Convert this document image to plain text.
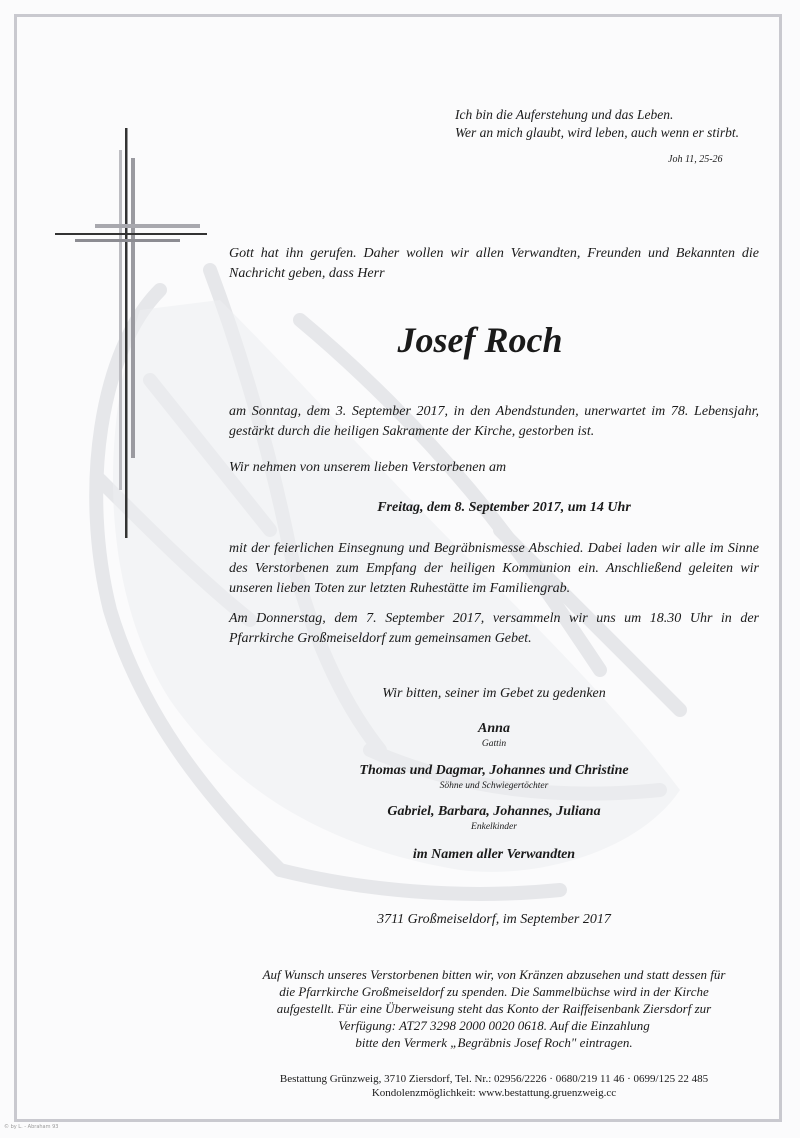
Ich bin die Auferstehung und das Leben.
Wer an mich glaubt, wird leben, auch wenn er stirbt.
Joh 11, 25-26
Gott hat ihn gerufen. Daher wollen wir allen Verwandten, Freunden und Bekannten die Nachricht geben, dass Herr
Josef Roch
am Sonntag, dem 3. September 2017, in den Abendstunden, unerwartet im 78. Lebensjahr, gestärkt durch die heiligen Sakramente der Kirche, gestorben ist.
Wir nehmen von unserem lieben Verstorbenen am
Freitag, dem 8. September 2017, um 14 Uhr
mit der feierlichen Einsegnung und Begräbnismesse Abschied. Dabei laden wir alle im Sinne des Verstorbenen zum Empfang der heiligen Kommunion ein. Anschließend geleiten wir unseren lieben Toten zur letzten Ruhestätte im Familiengrab.
Am Donnerstag, dem 7. September 2017, versammeln wir uns um 18.30 Uhr in der Pfarrkirche Großmeiseldorf zum gemeinsamen Gebet.
Wir bitten, seiner im Gebet zu gedenken
Anna
Gattin
Thomas und Dagmar, Johannes und Christine
Söhne und Schwiegertöchter
Gabriel, Barbara, Johannes, Juliana
Enkelkinder
im Namen aller Verwandten
3711 Großmeiseldorf, im September 2017
Auf Wunsch unseres Verstorbenen bitten wir, von Kränzen abzusehen und statt dessen für
die Pfarrkirche Großmeiseldorf zu spenden. Die Sammelbüchse wird in der Kirche
aufgestellt. Für eine Überweisung steht das Konto der Raiffeisenbank Ziersdorf zur
Verfügung: AT27 3298 2000 0020 0618. Auf die Einzahlung
bitte den Vermerk „Begräbnis Josef Roch" eintragen.
Bestattung Grünzweig, 3710 Ziersdorf, Tel. Nr.: 02956/2226 · 0680/219 11 46 · 0699/125 22 485
Kondolenzmöglichkeit: www.bestattung.gruenzweig.cc
© by L. - Abraham 93
